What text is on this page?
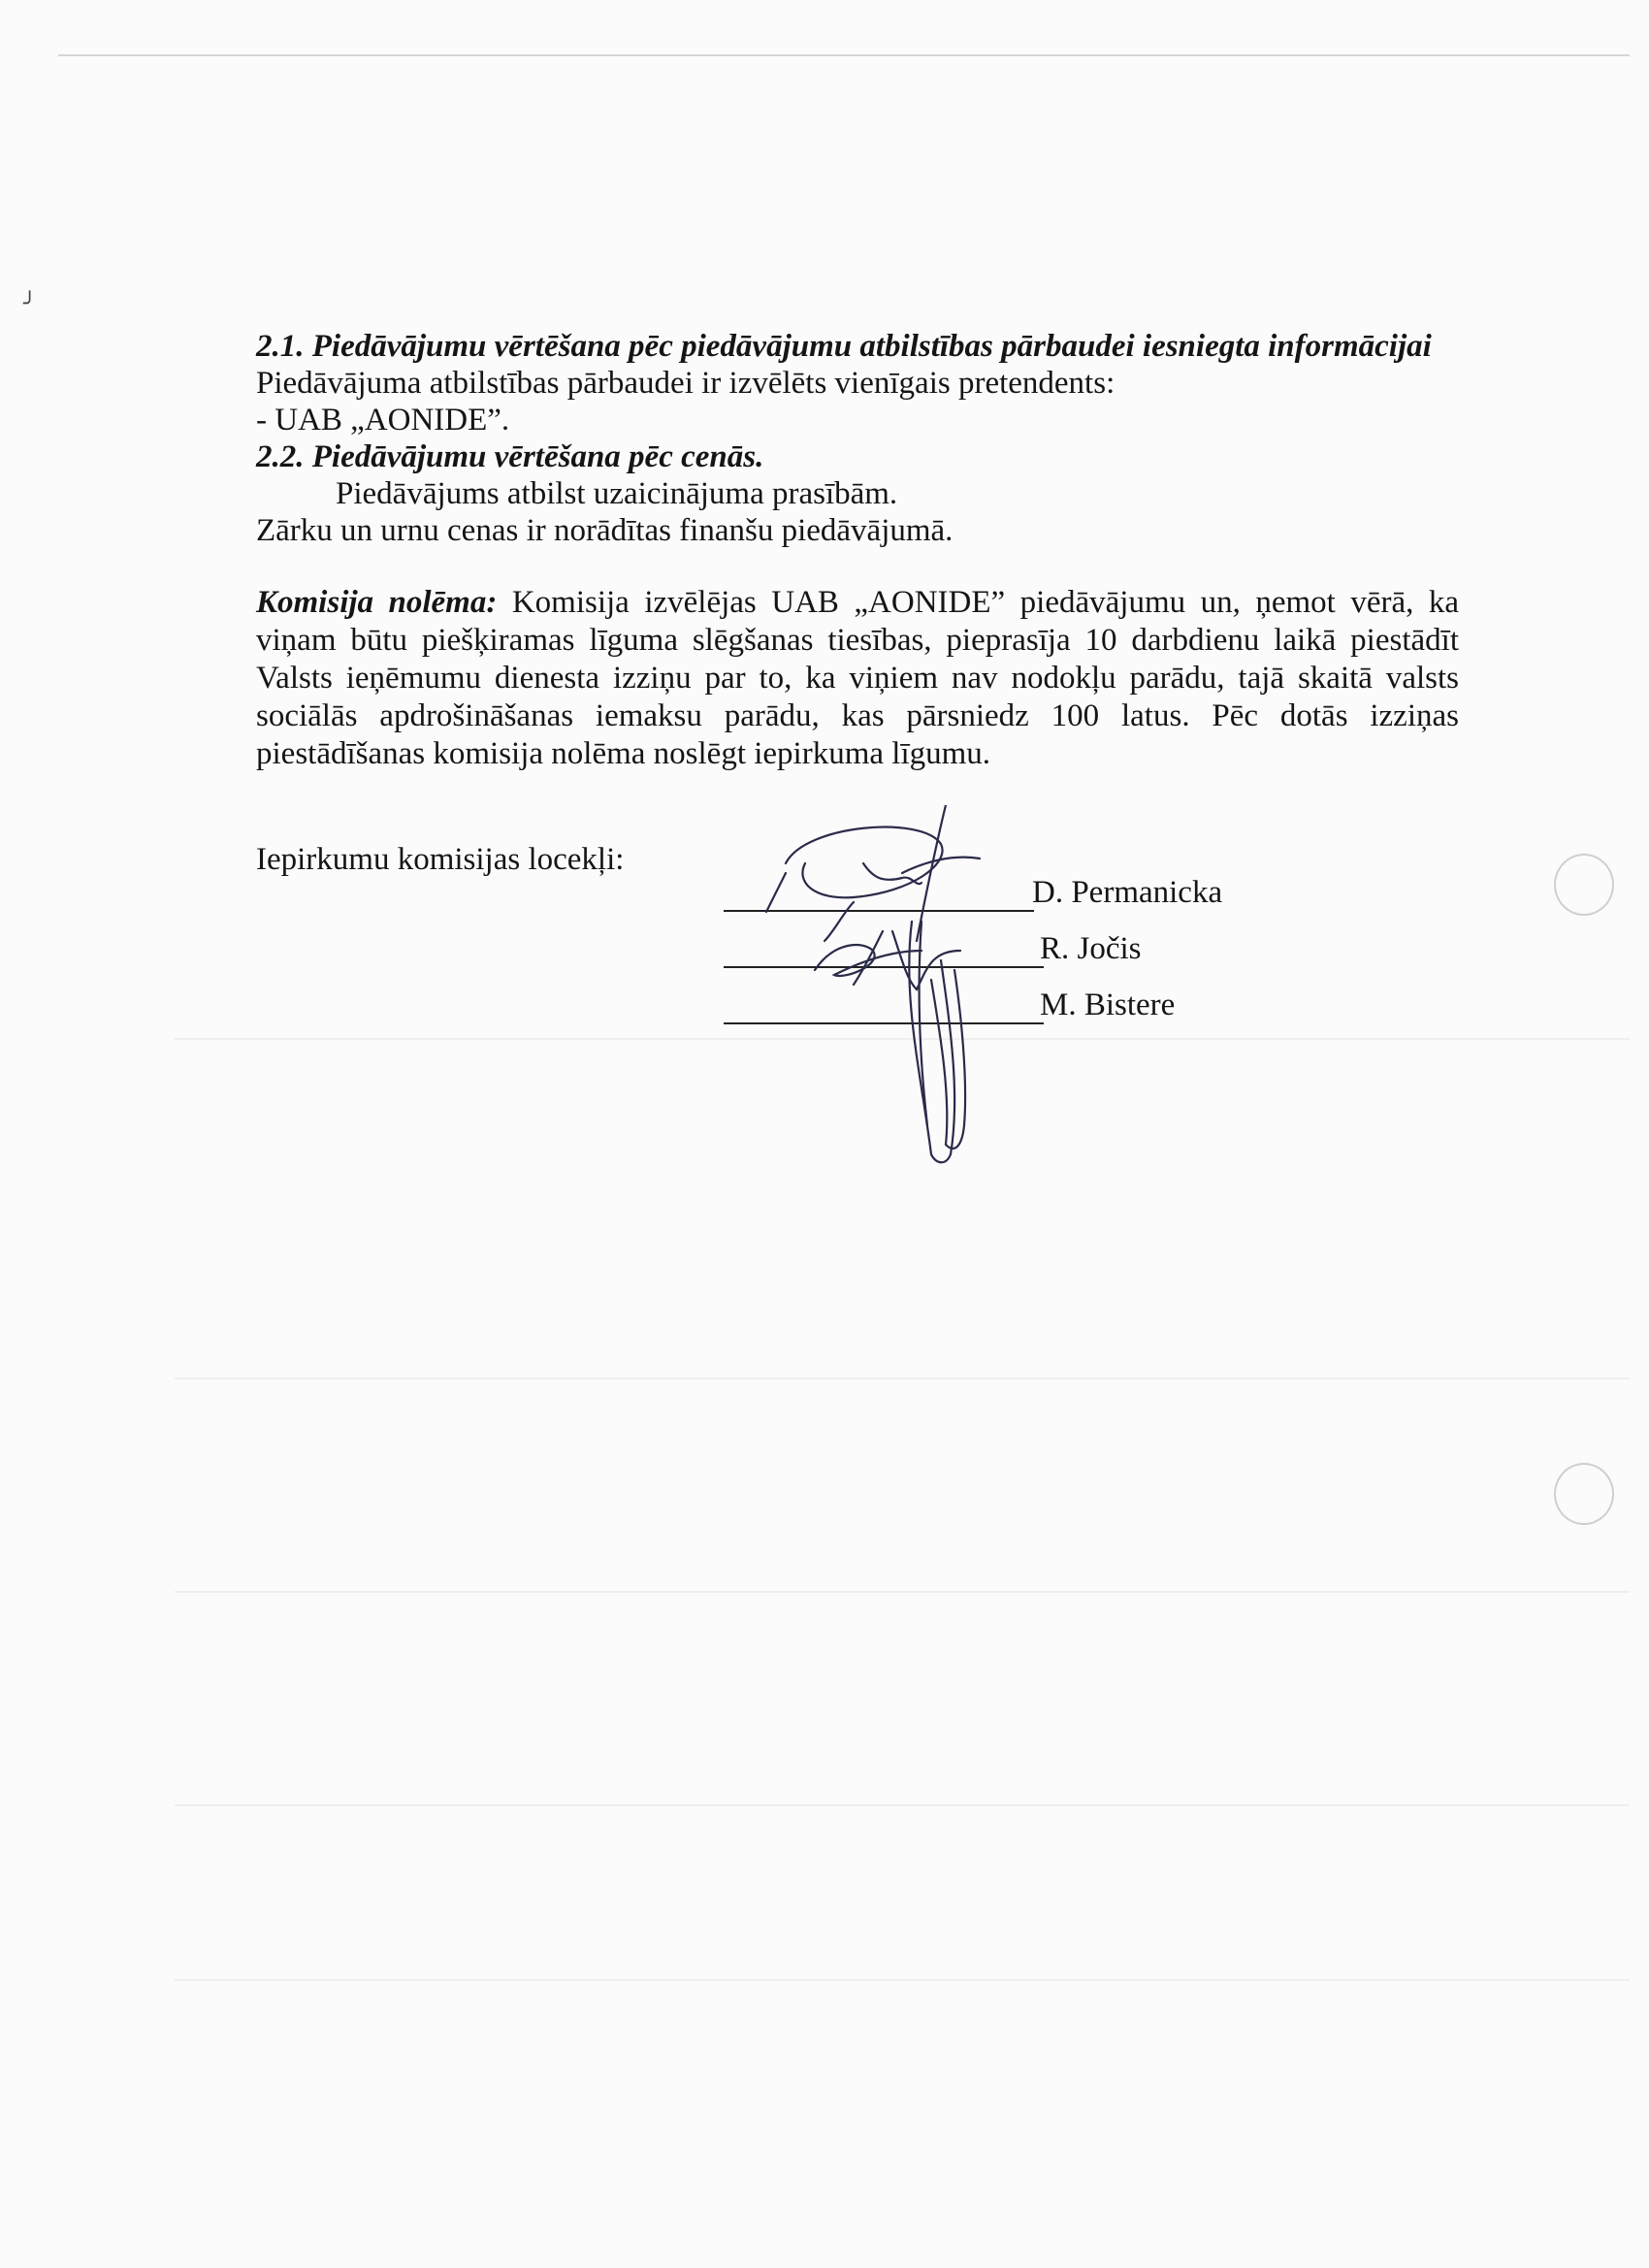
╯

2.1. Piedāvājumu vērtēšana pēc piedāvājumu atbilstības pārbaudei iesniegta informācijai

Piedāvājuma atbilstības pārbaudei ir izvēlēts vienīgais pretendents:

- UAB „AONIDE”.

2.2. Piedāvājumu vērtēšana pēc cenās.

Piedāvājums atbilst uzaicinājuma prasībām.

Zārku un urnu cenas ir norādītas finanšu piedāvājumā.

Komisija nolēma: Komisija izvēlējas UAB „AONIDE” piedāvājumu un, ņemot vērā, ka viņam būtu piešķiramas līguma slēgšanas tiesības, pieprasīja 10 darbdienu laikā piestādīt Valsts ieņēmumu dienesta izziņu par to, ka viņiem nav nodokļu parādu, tajā skaitā valsts sociālās apdrošināšanas iemaksu parādu, kas pārsniedz 100 latus. Pēc dotās izziņas piestādīšanas komisija nolēma noslēgt iepirkuma līgumu.

Iepirkumu komisijas locekļi:
D. Permanicka
R. Jočis
M. Bistere
